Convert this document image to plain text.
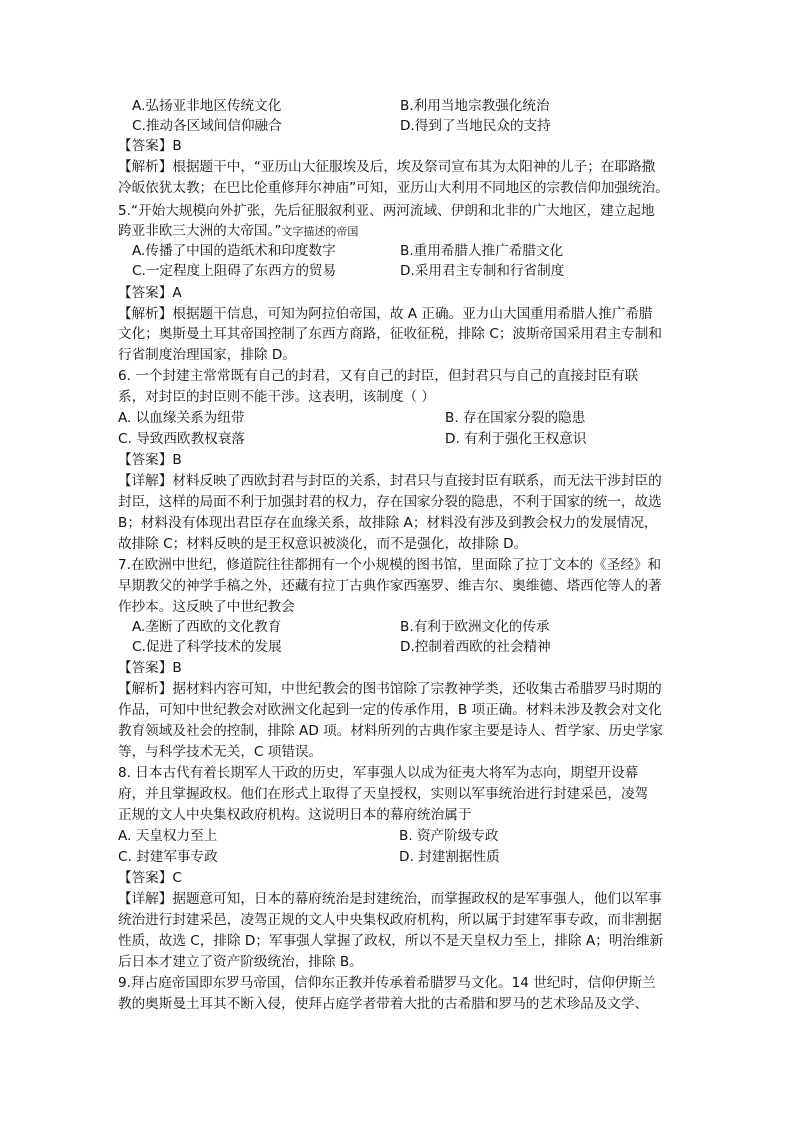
A.弘扬亚非地区传统文化	B.利用当地宗教强化统治
C.推动各区域间信仰融合	D.得到了当地民众的支持
【答案】B
【解析】根据题干中，“亚历山大征服埃及后，埃及祭司宣布其为太阳神的儿子；在耶路撒
冷皈依犹太教；在巴比伦重修拜尔神庙”可知，亚历山大利用不同地区的宗教信仰加强统治。
5.“开始大规模向外扩张，先后征服叙利亚、两河流域、伊朗和北非的广大地区，建立起地
跨亚非欧三大洲的大帝国。”文字描述的帝国
A.传播了中国的造纸术和印度数字	B.重用希腊人推广希腊文化
C.一定程度上阻碍了东西方的贸易	D.采用君主专制和行省制度
【答案】A
【解析】根据题干信息，可知为阿拉伯帝国，故 A 正确。亚力山大国重用希腊人推广希腊
文化；奥斯曼土耳其帝国控制了东西方商路，征收征税，排除 C；波斯帝国采用君主专制和
行省制度治理国家，排除 D。
6. 一个封建主常常既有自己的封君，又有自己的封臣，但封君只与自己的直接封臣有联
系，对封臣的封臣则不能干涉。这表明，该制度（ ）
A. 以血缘关系为纽带	B. 存在国家分裂的隐患
C. 导致西欧教权衰落	D. 有利于强化王权意识
【答案】B
【详解】材料反映了西欧封君与封臣的关系，封君只与直接封臣有联系，而无法干涉封臣的
封臣，这样的局面不利于加强封君的权力，存在国家分裂的隐患，不利于国家的统一，故选
B；材料没有体现出君臣存在血缘关系，故排除 A；材料没有涉及到教会权力的发展情况，
故排除 C；材料反映的是王权意识被淡化，而不是强化，故排除 D。
7.在欧洲中世纪，修道院往往都拥有一个小规模的图书馆，里面除了拉丁文本的《圣经》和
早期教父的神学手稿之外，还藏有拉丁古典作家西塞罗、维吉尔、奥维德、塔西佗等人的著
作抄本。这反映了中世纪教会
A.垄断了西欧的文化教育	B.有利于欧洲文化的传承
C.促进了科学技术的发展	D.控制着西欧的社会精神
【答案】B
【解析】据材料内容可知，中世纪教会的图书馆除了宗教神学类，还收集古希腊罗马时期的
作品，可知中世纪教会对欧洲文化起到一定的传承作用，B 项正确。材料未涉及教会对文化
教育领域及社会的控制，排除 AD 项。材料所列的古典作家主要是诗人、哲学家、历史学家
等，与科学技术无关，C 项错误。
8. 日本古代有着长期军人干政的历史，军事强人以成为征夷大将军为志向，期望开设幕
府，并且掌握政权。他们在形式上取得了天皇授权，实则以军事统治进行封建采邑，凌驾
正规的文人中央集权政府机构。这说明日本的幕府统治属于
A. 天皇权力至上	B. 资产阶级专政
C. 封建军事专政	D. 封建割据性质
【答案】C
【详解】据题意可知，日本的幕府统治是封建统治，而掌握政权的是军事强人，他们以军事
统治进行封建采邑，凌驾正规的文人中央集权政府机构，所以属于封建军事专政，而非割据
性质，故选 C，排除 D；军事强人掌握了政权，所以不是天皇权力至上，排除 A；明治维新
后日本才建立了资产阶级统治，排除 B。
9.拜占庭帝国即东罗马帝国，信仰东正教并传承着希腊罗马文化。14 世纪时，信仰伊斯兰
教的奥斯曼土耳其不断入侵，使拜占庭学者带着大批的古希腊和罗马的艺术珍品及文学、
